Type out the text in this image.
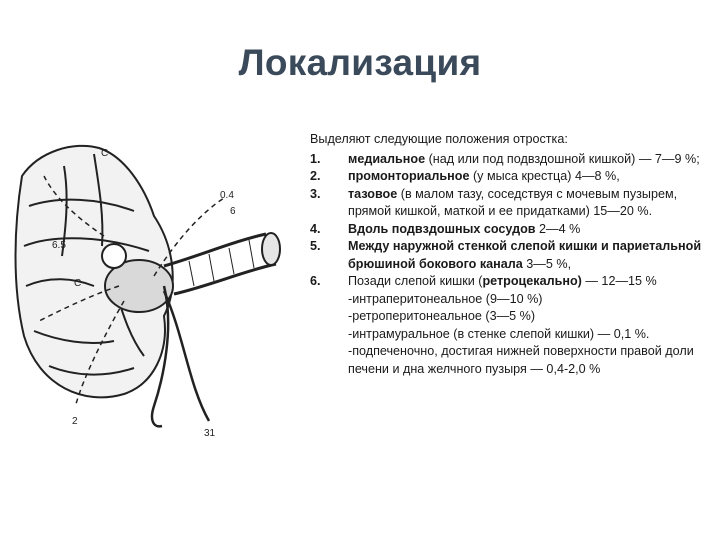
Локализация
C
C
0.4
6
6.5
2
31

Выделяют следующие положения отростка:

1. медиальное (над или под подвздошной кишкой) — 7—9 %;
2. промонториальное (у мыса крестца) 4—8 %,
3. тазовое (в малом тазу, соседствуя с мочевым пузырем, прямой кишкой, маткой и ее придатками) 15—20 %.
4. Вдоль подвздошных сосудов 2—4 %
5. Между наружной стенкой слепой кишки и париетальной брюшиной бокового канала 3—5 %,
6. Позади слепой кишки (ретроцекально) — 12—15 %
-интраперитонеальное (9—10 %)
-ретроперитонеальное (3—5 %)
-интрамуральное (в стенке слепой кишки) — 0,1 %.
-подпеченочно, достигая нижней поверхности правой доли печени и дна желчного пузыря — 0,4-2,0 %
